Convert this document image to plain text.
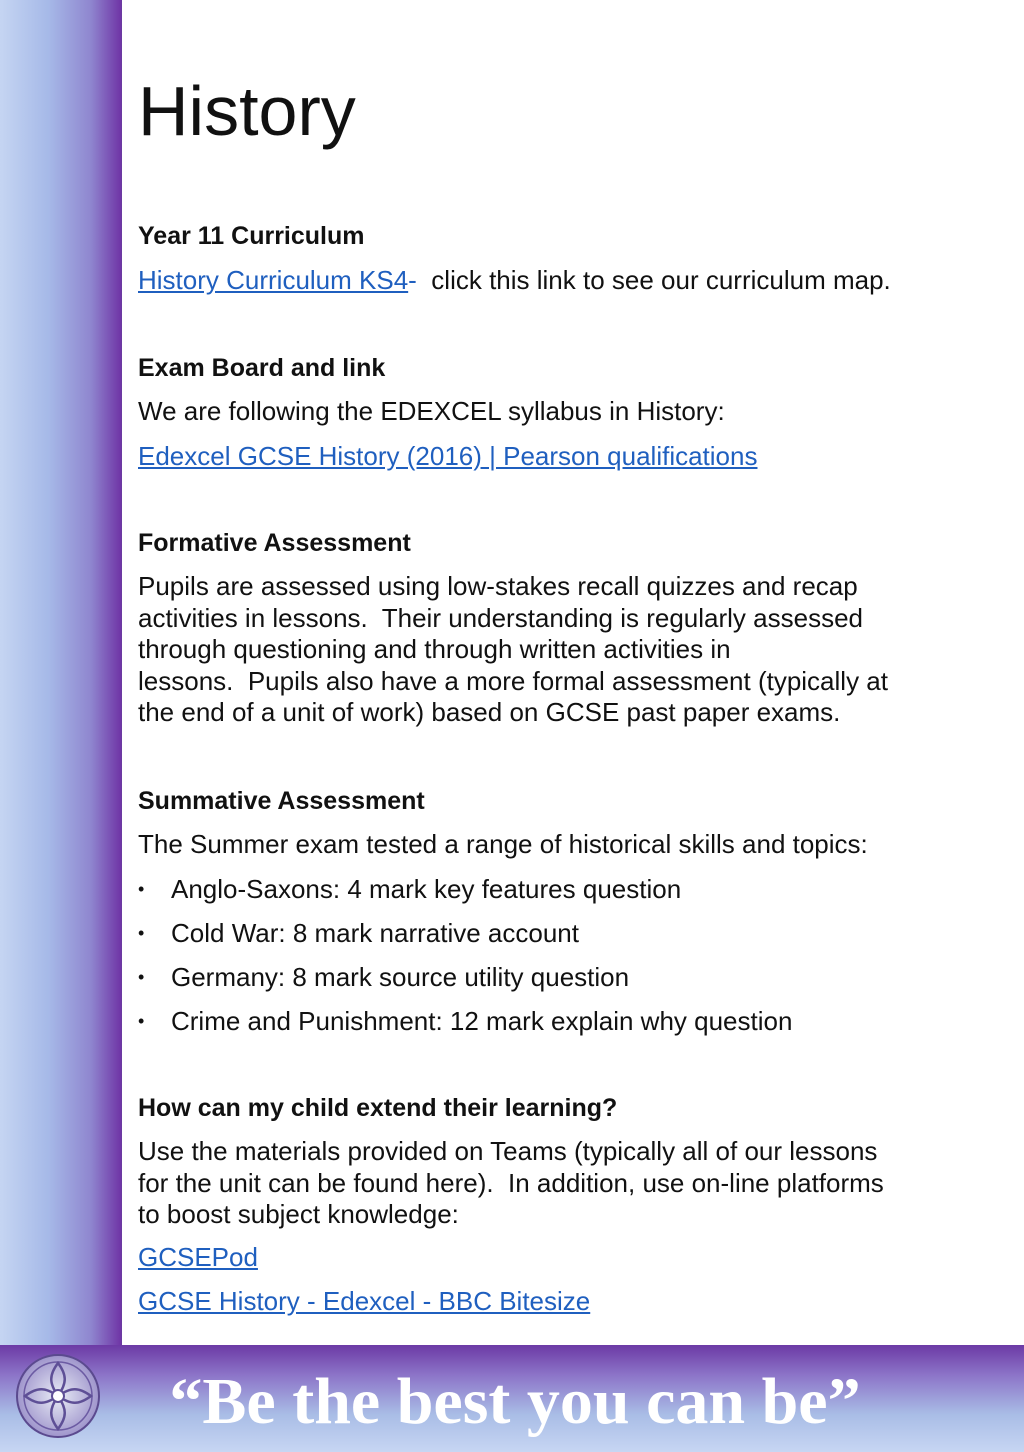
History

Year 11 Curriculum

History Curriculum KS4-  click this link to see our curriculum map.

Exam Board and link

We are following the EDEXCEL syllabus in History:

Edexcel GCSE History (2016) | Pearson qualifications

Formative Assessment

Pupils are assessed using low-stakes recall quizzes and recap

activities in lessons.  Their understanding is regularly assessed

through questioning and through written activities in

lessons.  Pupils also have a more formal assessment (typically at

the end of a unit of work) based on GCSE past paper exams.

Summative Assessment

The Summer exam tested a range of historical skills and topics:

• Anglo-Saxons: 4 mark key features question
• Cold War: 8 mark narrative account
• Germany: 8 mark source utility question
• Crime and Punishment: 12 mark explain why question

How can my child extend their learning?

Use the materials provided on Teams (typically all of our lessons

for the unit can be found here).  In addition, use on-line platforms

to boost subject knowledge:

GCSEPod
GCSE History - Edexcel - BBC Bitesize
“Be the best you can be”
